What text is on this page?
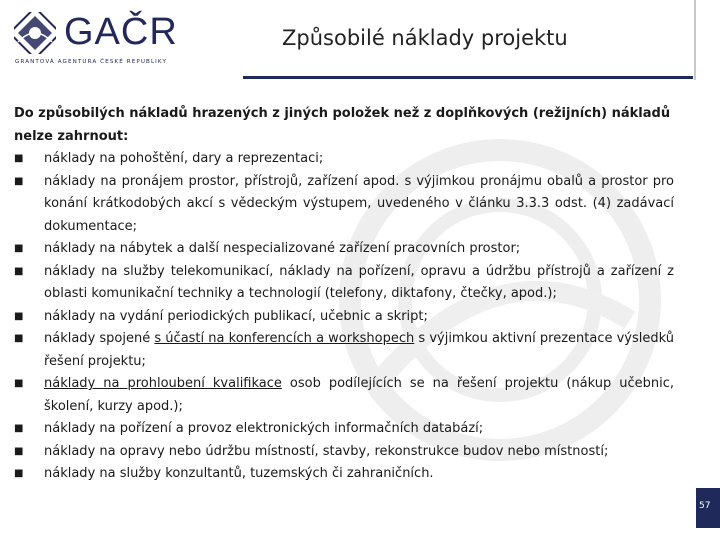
GAČR
GRANTOVÁ AGENTURA ČESKÉ REPUBLIKY
Způsobilé náklady projektu
Do způsobilých nákladů hrazených z jiných položek než z doplňkových (režijních) nákladů nelze zahrnout:
■ náklady na pohoštění, dary a reprezentaci;
■ náklady na pronájem prostor, přístrojů, zařízení apod. s výjimkou pronájmu obalů a prostor pro konání krátkodobých akcí s vědeckým výstupem, uvedeného v článku 3.3.3 odst. (4) zadávací dokumentace;
■ náklady na nábytek a další nespecializované zařízení pracovních prostor;
■ náklady na služby telekomunikací, náklady na pořízení, opravu a údržbu přístrojů a zařízení z oblasti komunikační techniky a technologií (telefony, diktafony, čtečky, apod.);
■ náklady na vydání periodických publikací, učebnic a skript;
■ náklady spojené s účastí na konferencích a workshopech s výjimkou aktivní prezentace výsledků řešení projektu;
■ náklady na prohloubení kvalifikace osob podílejících se na řešení projektu (nákup učebnic, školení, kurzy apod.);
■ náklady na pořízení a provoz elektronických informačních databází;
■ náklady na opravy nebo údržbu místností, stavby, rekonstrukce budov nebo místností;
■ náklady na služby konzultantů, tuzemských či zahraničních.
57
